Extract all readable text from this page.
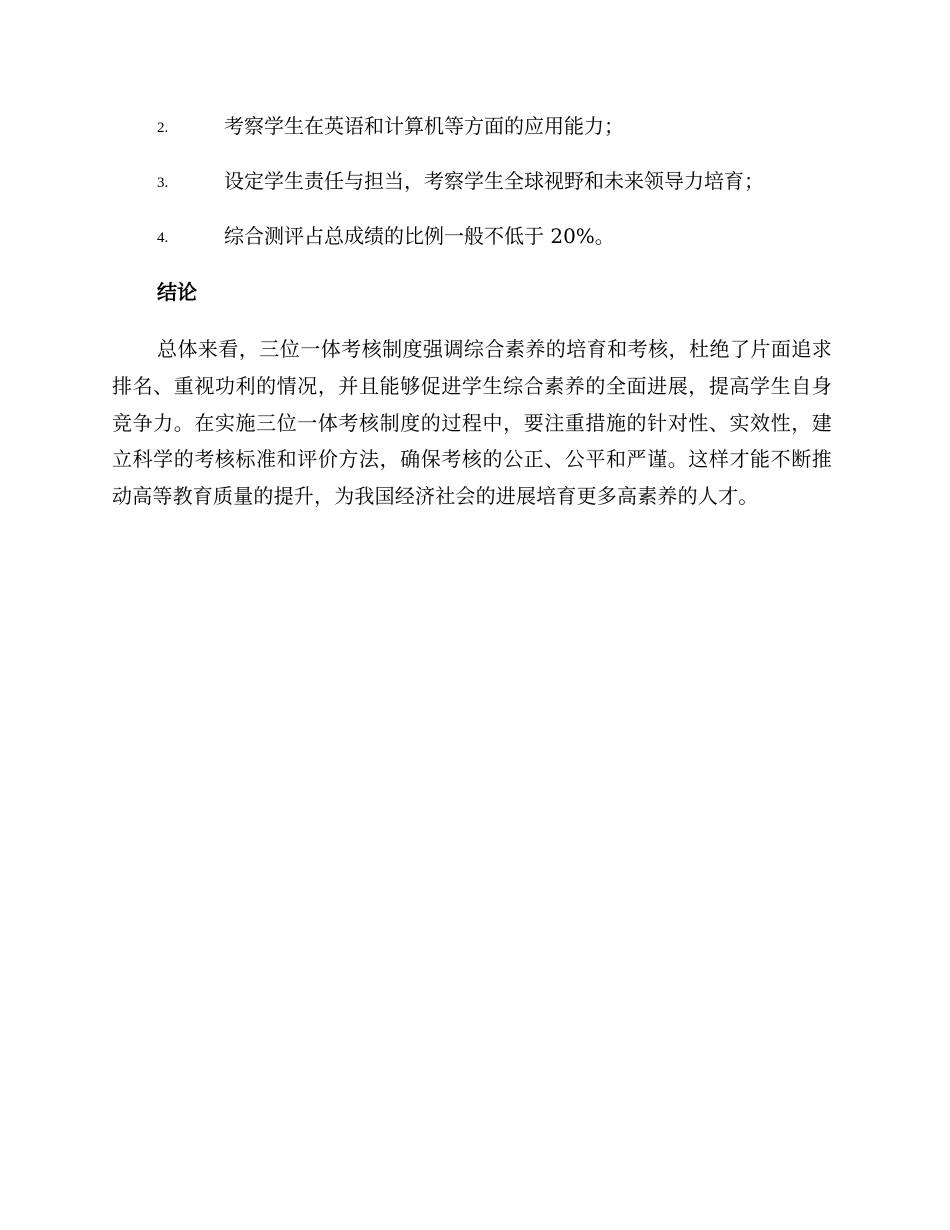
2.	考察学生在英语和计算机等方面的应用能力；
3.	设定学生责任与担当，考察学生全球视野和未来领导力培育；
4.	综合测评占总成绩的比例一般不低于 20%。
结论

总体来看，三位一体考核制度强调综合素养的培育和考核，杜绝了片面追求排名、重视功利的情况，并且能够促进学生综合素养的全面进展，提高学生自身竞争力。在实施三位一体考核制度的过程中，要注重措施的针对性、实效性，建立科学的考核标准和评价方法，确保考核的公正、公平和严谨。这样才能不断推动高等教育质量的提升，为我国经济社会的进展培育更多高素养的人才。
